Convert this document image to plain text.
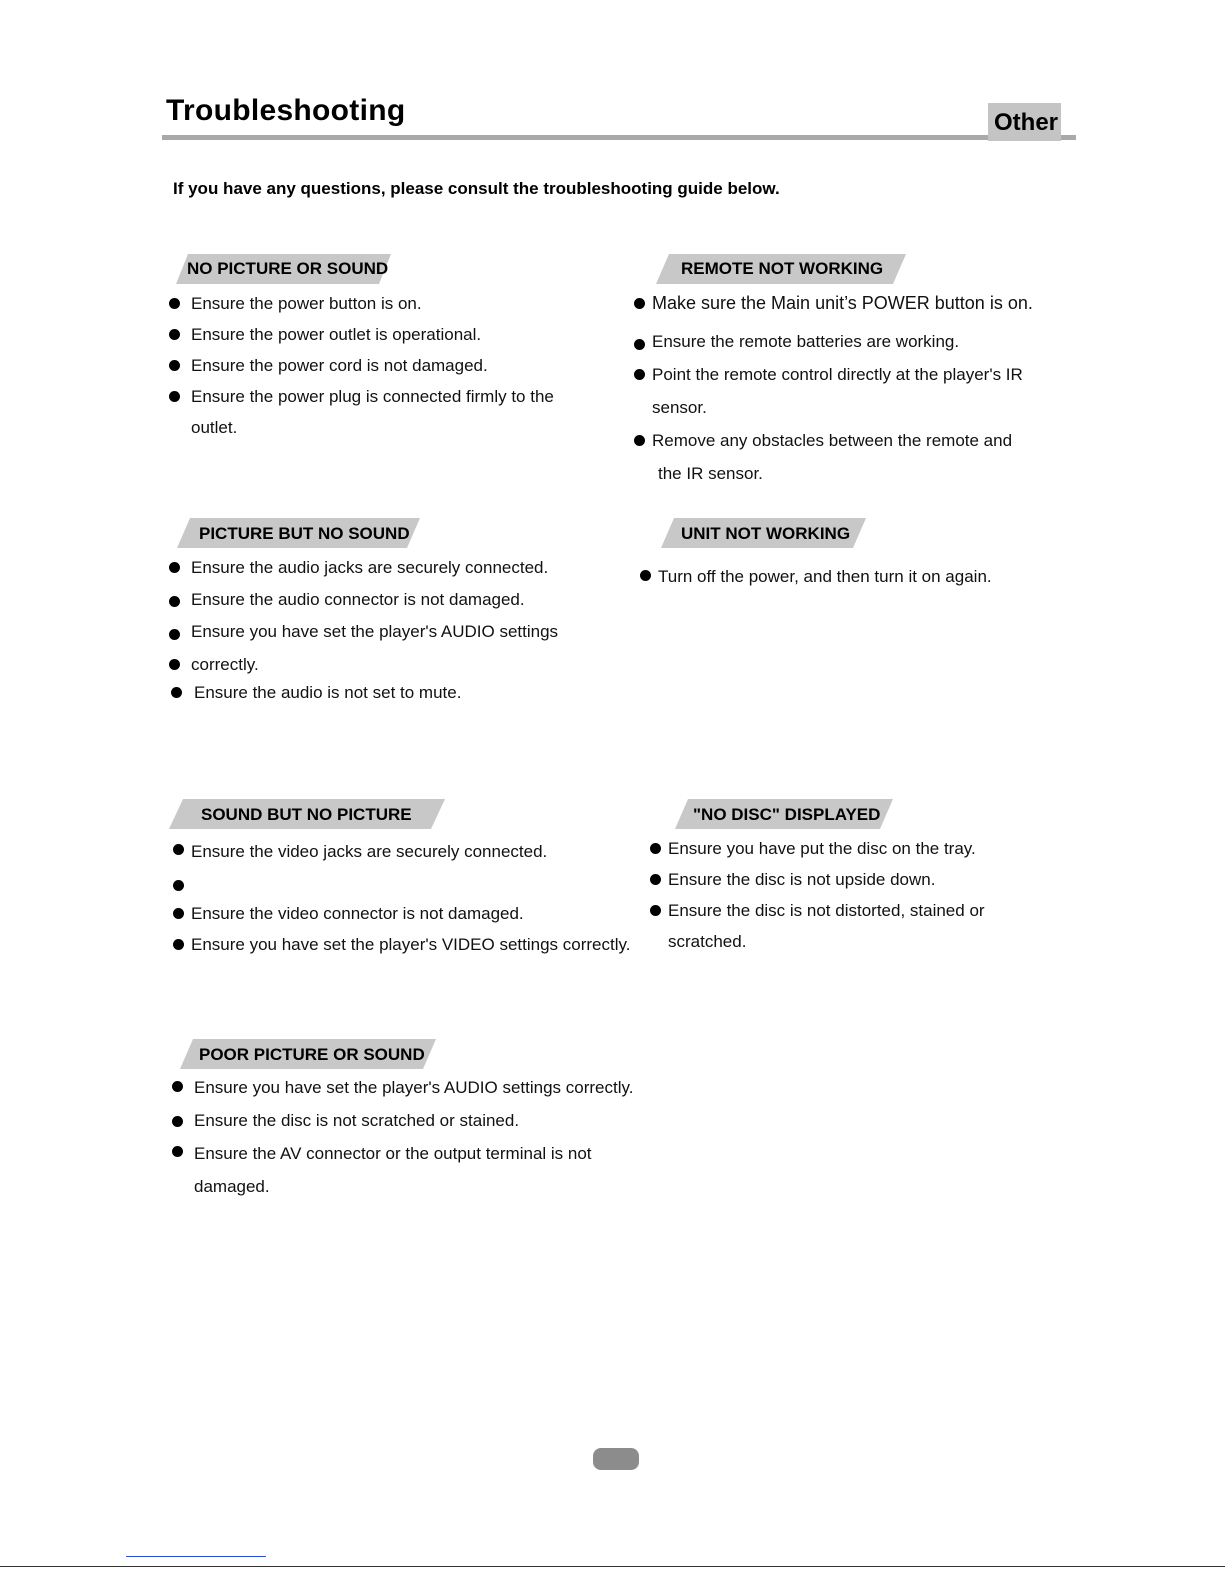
Troubleshooting	Other
If you have any questions, please consult the troubleshooting guide below.
NO PICTURE OR SOUND
Ensure the power button is on.
Ensure the power outlet is operational.
Ensure the power cord is not damaged.
Ensure the power plug is connected firmly to the
outlet.
REMOTE NOT WORKING
Make sure the Main unit’s POWER button is on.
Ensure the remote batteries are working.
Point the remote control directly at the player's IR
sensor.
Remove any obstacles between the remote and
the IR sensor.
PICTURE BUT NO SOUND
Ensure the audio jacks are securely connected.
Ensure the audio connector is not damaged.
Ensure you have set the player's AUDIO settings correctly.
Ensure the audio is not set to mute.
UNIT NOT WORKING
Turn off the power, and then turn it on again.
SOUND BUT NO PICTURE
Ensure the video jacks are securely connected.
Ensure the video connector is not damaged.
Ensure you have set the player's VIDEO settings correctly.
"NO DISC" DISPLAYED
Ensure you have put the disc on the tray.
Ensure the disc is not upside down.
Ensure the disc is not distorted, stained or
scratched.
POOR PICTURE OR SOUND
Ensure you have set the player's AUDIO settings correctly.
Ensure the disc is not scratched or stained.
Ensure the AV connector or the output terminal is not
damaged.
